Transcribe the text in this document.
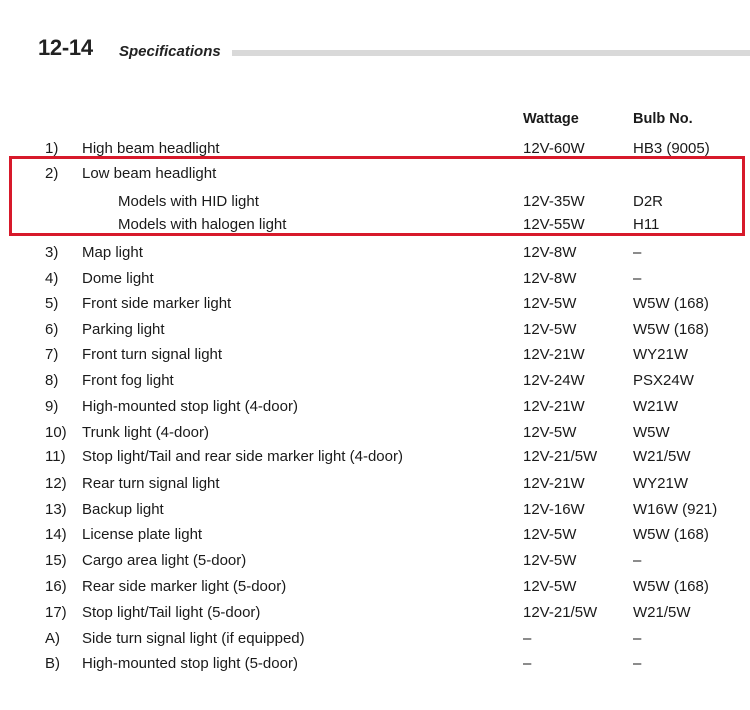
12-14 Specifications
Wattage	Bulb No.
1) High beam headlight	12V-60W	HB3 (9005)
2) Low beam headlight
Models with HID light	12V-35W	D2R
Models with halogen light	12V-55W	H11
3) Map light	12V-8W	–
4) Dome light	12V-8W	–
5) Front side marker light	12V-5W	W5W (168)
6) Parking light	12V-5W	W5W (168)
7) Front turn signal light	12V-21W	WY21W
8) Front fog light	12V-24W	PSX24W
9) High-mounted stop light (4-door)	12V-21W	W21W
10) Trunk light (4-door)	12V-5W	W5W
11) Stop light/Tail and rear side marker light (4-door)	12V-21/5W W21/5W
12) Rear turn signal light	12V-21W	WY21W
13) Backup light	12V-16W	W16W (921)
14) License plate light	12V-5W	W5W (168)
15) Cargo area light (5-door)	12V-5W	–
16) Rear side marker light (5-door)	12V-5W	W5W (168)
17) Stop light/Tail light (5-door)	12V-21/5W W21/5W
A) Side turn signal light (if equipped)	–	–
B) High-mounted stop light (5-door)	–	–
